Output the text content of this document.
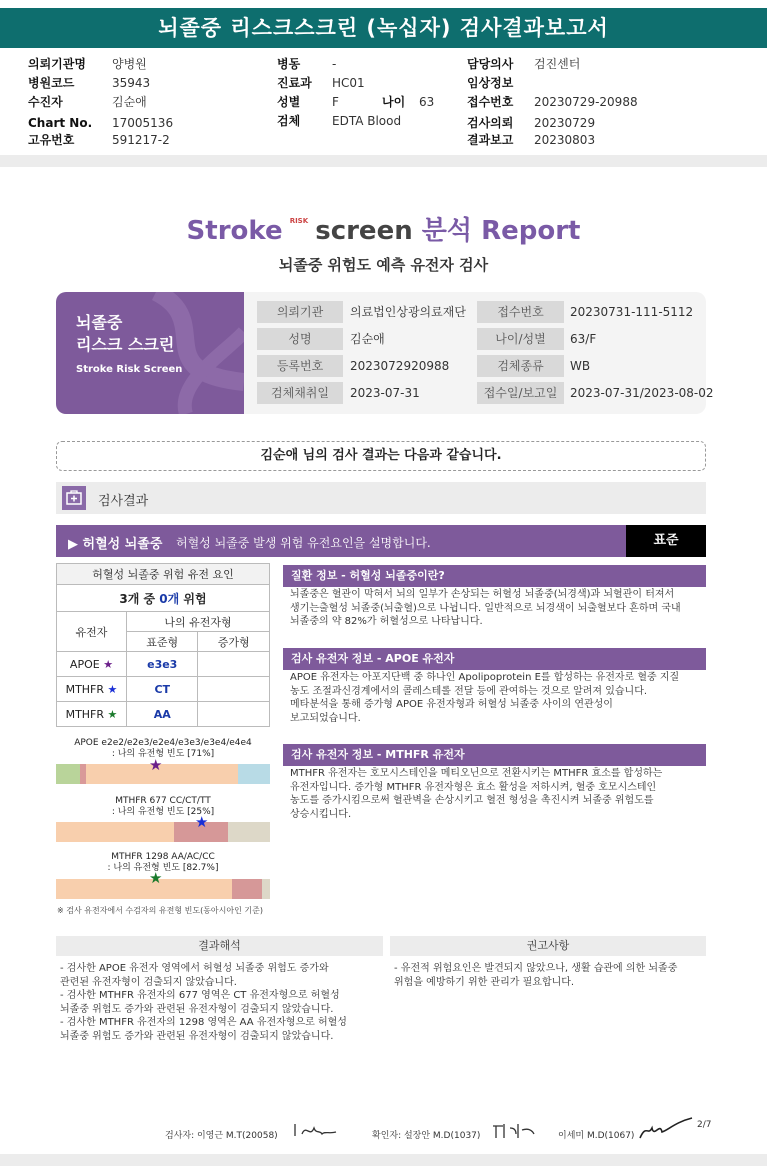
뇌졸중 리스크스크린 (녹십자) 검사결과보고서
의뢰기관명 양병원
병원코드	35943
수진자	김순애
Chart No. 17005136
고유번호	591217-2
병동	-
진료과 HC01
성별	F	나이 63
검체	EDTA Blood
담당의사 검진센터
임상정보
접수번호 20230729-20988
검사의뢰 20230729
결과보고 20230803
Stroke $^{RISK}$ screen 분석 Report
뇌졸중 위험도 예측 유전자 검사
뇌졸중
리스크 스크린
Stroke Risk Screen
의뢰기관	의료법인상광의료재단	접수번호	20230731-111-5112
성명	김순애	나이/성별	63/F
등록번호	2023072920988	검체종류	WB
검체채취일	2023-07-31	접수일/보고일	2023-07-31/2023-08-02
김순애 님의 검사 결과는 다음과 같습니다.
검사결과
▶ 허혈성 뇌졸중 허혈성 뇌졸중 발생 위험 유전요인을 설명합니다.	표준
허혈성 뇌졸중 위험 유전 요인		
3개 중 0개 위험		
유전자	나의 유전자형	
	표준형	증가형
APOE ★	e3e3	
MTHFR ★	CT	
MTHFR ★	AA	
APOE e2e2/e2e3/e2e4/e3e3/e3e4/e4e4
: 나의 유전형 빈도 [71%]
★
MTHFR 677 CC/CT/TT
: 나의 유전형 빈도 [25%]
★
MTHFR 1298 AA/AC/CC
: 나의 유전형 빈도 [82.7%]
★
※ 검사 유전자에서 수검자의 유전형 빈도(동아시아인 기준)
질환 정보 - 허혈성 뇌졸중이란?
뇌졸중은 혈관이 막혀서 뇌의 일부가 손상되는 허혈성 뇌졸중(뇌경색)과 뇌혈관이 터져서
생기는출혈성 뇌졸중(뇌출혈)으로 나뉩니다. 일반적으로 뇌경색이 뇌출혈보다 흔하며 국내
뇌졸중의 약 82%가 허혈성으로 나타납니다.
검사 유전자 정보 - APOE 유전자
APOE 유전자는 아포지단백 중 하나인 Apolipoprotein E를 합성하는 유전자로 혈중 지질
농도 조절과신경계에서의 콜레스테롤 전달 등에 관여하는 것으로 알려져 있습니다.
메타분석을 통해 증가형 APOE 유전자형과 허혈성 뇌졸중 사이의 연관성이
보고되었습니다.
검사 유전자 정보 - MTHFR 유전자
MTHFR 유전자는 호모시스테인을 메티오닌으로 전환시키는 MTHFR 효소를 합성하는
유전자입니다. 증가형 MTHFR 유전자형은 효소 활성을 저하시켜, 혈중 호모시스테인
농도를 증가시킴으로써 혈관벽을 손상시키고 혈전 형성을 촉진시켜 뇌졸중 위험도를
상승시킵니다.
결과해석
- 검사한 APOE 유전자 영역에서 허혈성 뇌졸중 위험도 증가와
관련된 유전자형이 검출되지 않았습니다.
- 검사한 MTHFR 유전자의 677 영역은 CT 유전자형으로 허혈성
뇌졸중 위험도 증가와 관련된 유전자형이 검출되지 않았습니다.
- 검사한 MTHFR 유전자의 1298 영역은 AA 유전자형으로 허혈성
뇌졸중 위험도 증가와 관련된 유전자형이 검출되지 않았습니다.
권고사항
- 유전적 위험요인은 발견되지 않았으나, 생활 습관에 의한 뇌졸중
위험을 예방하기 위한 관리가 필요합니다.
검사자: 이영근 M.T(20058)	확인자: 설장안 M.D(1037)	이세미 M.D(1067)
2/7
